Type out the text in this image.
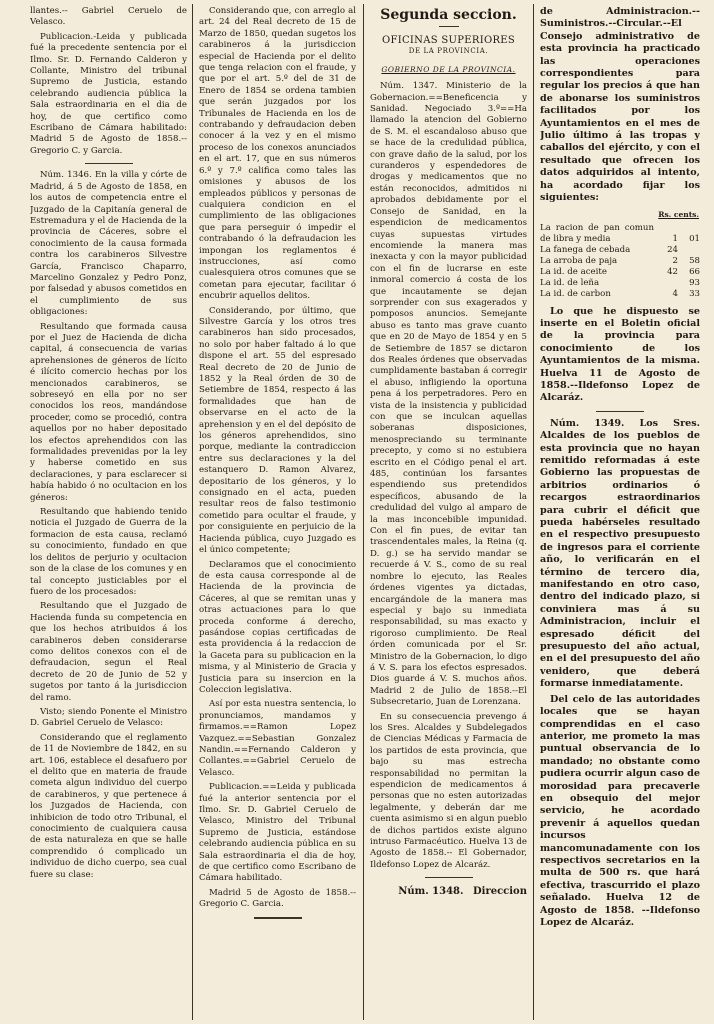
llantes.-- Gabriel Ceruelo de Velasco.

Publicacion.-Leida y publicada fué la precedente sentencia por el Ilmo. Sr. D. Fernando Calderon y Collante, Ministro del tribunal Supremo de Justicia, estando celebrando audiencia pública la Sala estraordinaria en el dia de hoy, de que certifico como Escribano de Cámara habilitado: Madrid 5 de Agosto de 1858.-- Gregorio C. y Garcia.

Núm. 1346. En la villa y córte de Madrid, á 5 de Agosto de 1858, en los autos de competencia entre el Juzgado de la Capitanía general de Estremadura y el de Hacienda de la provincia de Cáceres, sobre el conocimiento de la causa formada contra los carabineros Silvestre García, Francisco Chaparro, Marcelino Gonzalez y Pedro Ponz, por falsedad y abusos cometidos en el cumplimiento de sus obligaciones:

Resultando que formada causa por el Juez de Hacienda de dicha capital, á consecuencia de varias aprehensiones de géneros de lícito é ilícito comercio hechas por los mencionados carabineros, se sobreseyó en ella por no ser conocidos los reos, mandándose proceder, como se procedió, contra aquellos por no haber depositado los efectos aprehendidos con las formalidades prevenidas por la ley y haberse cometido en sus declaraciones, y para esclarecer si había habido ó no ocultacion en los géneros:

Resultando que habiendo tenido noticia el Juzgado de Guerra de la formacion de esta causa, reclamó su conocimiento, fundado en que los delitos de perjurio y ocultacion son de la clase de los comunes y en tal concepto justiciables por el fuero de los procesados:

Resultando que el Juzgado de Hacienda funda su competencia en que los hechos atribuidos á los carabineros deben considerarse como delitos conexos con el de defraudacion, segun el Real decreto de 20 de Junio de 52 y sugetos por tanto á la jurisdiccion del ramo.

Visto; siendo Ponente el Ministro D. Gabriel Ceruelo de Velasco:

Considerando que el reglamento de 11 de Noviembre de 1842, en su art. 106, establece el desafuero por el delito que en materia de fraude cometa algun individuo del cuerpo de carabineros, y que pertenece á los Juzgados de Hacienda, con inhibicion de todo otro Tribunal, el conocimiento de cualquiera causa de esta naturaleza en que se halle comprendido ó complicado un individuo de dicho cuerpo, sea cual fuere su clase:

Considerando que, con arreglo al art. 24 del Real decreto de 15 de Marzo de 1850, quedan sugetos los carabineros á la jurisdiccion especial de Hacienda por el delito que tenga relacion con el fraude, y que por el art. 5.º del de 31 de Enero de 1854 se ordena tambien que serán juzgados por los Tribunales de Hacienda en los de contrabando y defraudacion deben conocer á la vez y en el mismo proceso de los conexos anunciados en el art. 17, que en sus números 6.º y 7.º califica como tales las omisiones y abusos de los empleados públicos y personas de cualquiera condicion en el cumplimiento de las obligaciones que para perseguir ó impedir el contrabando ó la defraudacion les impongan los reglamentos é instrucciones, así como cualesquiera otros comunes que se cometan para ejecutar, facilitar ó encubrir aquellos delitos.

Considerando, por último, que Silvestre García y los otros tres carabineros han sido procesados, no solo por haber faltado á lo que dispone el art. 55 del espresado Real decreto de 20 de Junio de 1852 y la Real órden de 30 de Setiembre de 1854, respecto á las formalidades que han de observarse en el acto de la aprehension y en el del depósito de los géneros aprehendidos, sino porque, mediante la contradiccion entre sus declaraciones y la del estanquero D. Ramon Alvarez, depositario de los géneros, y lo consignado en el acta, pueden resultar reos de falso testimonio cometido para ocultar el fraude, y por consiguiente en perjuicio de la Hacienda pública, cuyo Juzgado es el único competente;

Declaramos que el conocimiento de esta causa corresponde al de Hacienda de la provincia de Cáceres, al que se remitan unas y otras actuaciones para lo que proceda conforme á derecho, pasándose copias certificadas de esta providencia á la redaccion de la Gaceta para su publicacion en la misma, y al Ministerio de Gracia y Justicia para su insercion en la Coleccion legislativa.

Así por esta nuestra sentencia, lo pronunciamos, mandamos y firmamos.==Ramon Lopez Vazquez.==Sebastian Gonzalez Nandin.==Fernando Calderon y Collantes.==Gabriel Ceruelo de Velasco.

Publicacion.==Leida y publicada fué la anterior sentencia por el Ilmo. Sr. D. Gabriel Ceruelo de Velasco, Ministro del Tribunal Supremo de Justicia, estándose celebrando audiencia pública en su Sala estraordinaria el dia de hoy, de que certifico como Escribano de Cámara habilitado.

Madrid 5 de Agosto de 1858.-- Gregorio C. Garcia.

Segunda seccion.
OFICINAS SUPERIORES
DE LA PROVINCIA.
GOBIERNO DE LA PROVINCIA.

Núm. 1347. Ministerio de la Gobernacion.==Beneficencia y Sanidad. Negociado 3.º==Ha llamado la atencion del Gobierno de S. M. el escandaloso abuso que se hace de la credulidad pública, con grave daño de la salud, por los curanderos y espendedores de drogas y medicamentos que no están reconocidos, admitidos ni aprobados debidamente por el Consejo de Sanidad, en la espendicion de medicamentos cuyas supuestas virtudes encomiende la manera mas inexacta y con la mayor publicidad con el fin de lucrarse en este inmoral comercio á costa de los que incautamente se dejan sorprender con sus exagerados y pomposos anuncios. Semejante abuso es tanto mas grave cuanto que en 20 de Mayo de 1854 y en 5 de Setiembre de 1857 se dictaron dos Reales órdenes que observadas cumplidamente bastaban á corregir el abuso, infligiendo la oportuna pena á los perpetradores. Pero en vista de la insistencia y publicidad con que se inculcan aquellas soberanas disposiciones, menospreciando su terminante precepto, y como si no estubiera escrito en el Código penal el art. 485, continúan los farsantes espendiendo sus pretendidos específicos, abusando de la credulidad del vulgo al amparo de la mas inconcebible impunidad. Con el fin pues, de evitar tan trascendentales males, la Reina (q. D. g.) se ha servido mandar se recuerde á V. S., como de su real nombre lo ejecuto, las Reales órdenes vigentes ya dictadas, encargándole de la manera mas especial y bajo su inmediata responsabilidad, su mas exacto y rigoroso cumplimiento. De Real órden comunicada por el Sr. Ministro de la Gobernacion, lo digo á V. S. para los efectos espresados. Dios guarde á V. S. muchos años. Madrid 2 de Julio de 1858.--El Subsecretario, Juan de Lorenzana.

En su consecuencia prevengo á los Sres. Alcaldes y Subdelegados de Ciencias Médicas y Farmacia de los partidos de esta provincia, que bajo su mas estrecha responsabilidad no permitan la espendicion de medicamentos á personas que no esten autorizadas legalmente, y deberán dar me cuenta asimismo si en algun pueblo de dichos partidos existe alguno intruso Farmacéutico. Huelva 13 de Agosto de 1858.-- El Gobernador, Ildefonso Lopez de Alcaráz.

Núm. 1348. Direccion

de Administracion.--Suministros.--Circular.--El Consejo administrativo de esta provincia ha practicado las operaciones correspondientes para regular los precios á que han de abonarse los suministros facilitados por los Ayuntamientos en el mes de Julio último á las tropas y caballos del ejército, y con el resultado que ofrecen los datos adquiridos al intento, ha acordado fijar los siguientes:

	Rs. cents.	
La racion de pan comun de libra y media	1	01
La fanega de cebada	24	
La arroba de paja	2	58
La id. de aceite	42	66
La id. de leña		93
La id. de carbon	4	33

Lo que he dispuesto se inserte en el Boletin oficial de la provincia para conocimiento de los Ayuntamientos de la misma. Huelva 11 de Agosto de 1858.--Ildefonso Lopez de Alcaráz.

Núm. 1349. Los Sres. Alcaldes de los pueblos de esta provincia que no hayan remitido reformadas á este Gobierno las propuestas de arbitrios ordinarios ó recargos estraordinarios para cubrir el déficit que pueda habérseles resultado en el respectivo presupuesto de ingresos para el corriente año, lo verificarán en el término de tercero dia, manifestando en otro caso, dentro del indicado plazo, si conviniera mas á su Administracion, incluir el espresado déficit del presupuesto del año actual, en el del presupuesto del año venidero, que deberá formarse inmediatamente.

Del celo de las autoridades locales que se hayan comprendidas en el caso anterior, me prometo la mas puntual observancia de lo mandado; no obstante como pudiera ocurrir algun caso de morosidad para precaverle en obsequio del mejor servicio, he acordado prevenir á aquellos quedan incursos mancomunadamente con los respectivos secretarios en la multa de 500 rs. que hará efectiva, trascurrido el plazo señalado. Huelva 12 de Agosto de 1858. --Ildefonso Lopez de Alcaráz.
